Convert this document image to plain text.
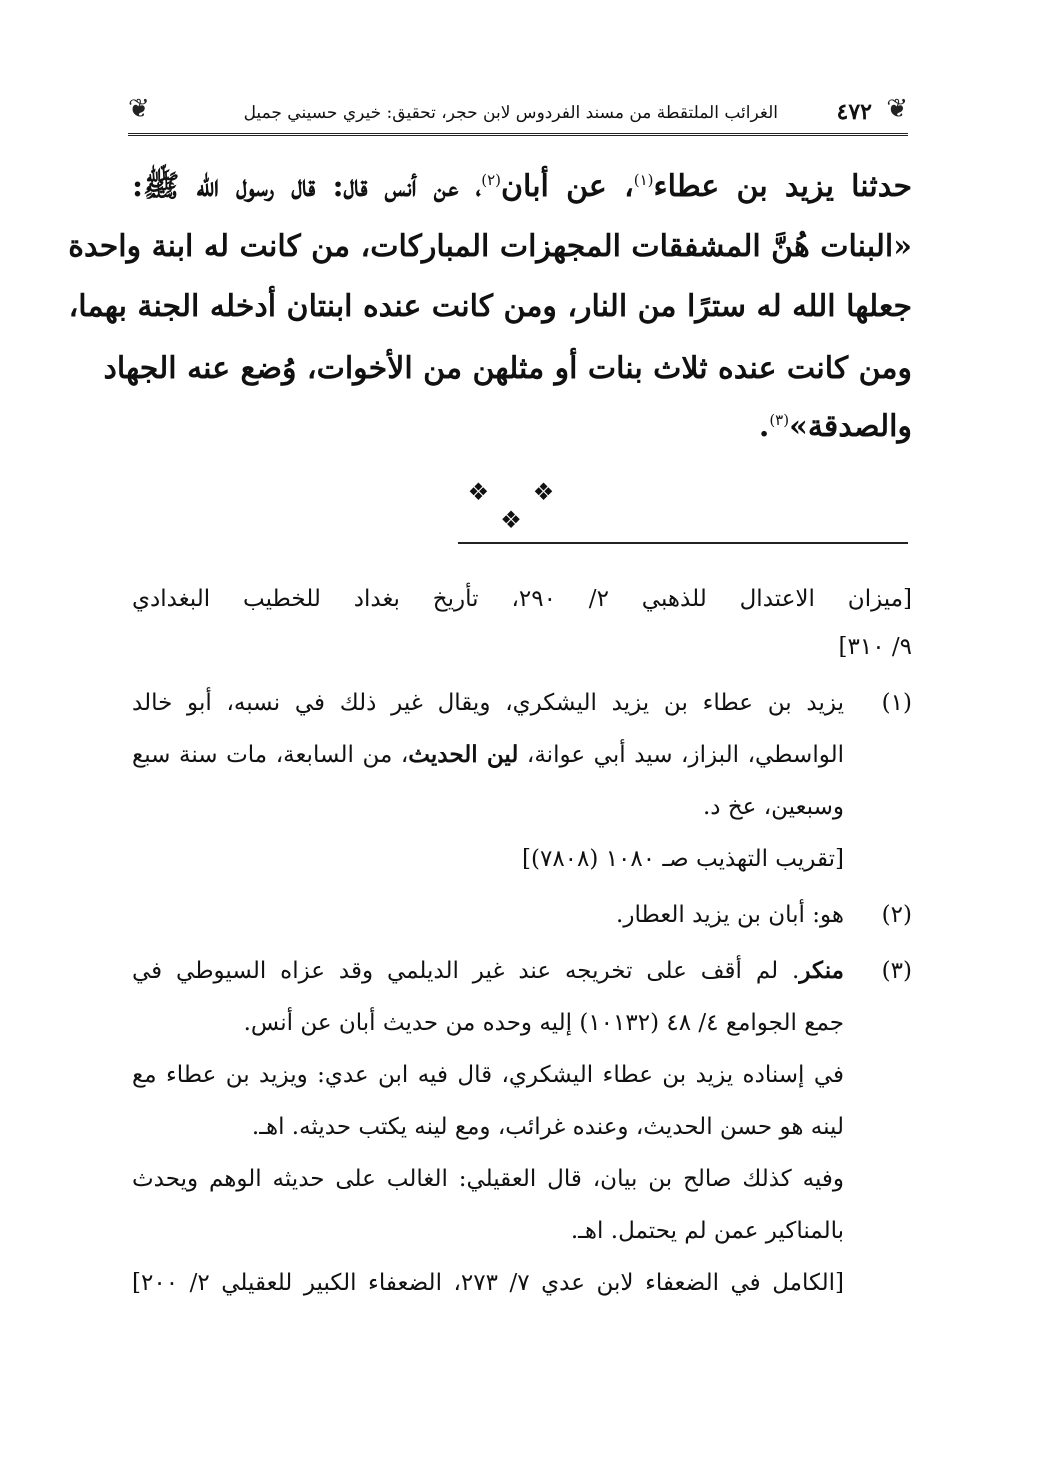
❦
٤٧٢
الغرائب الملتقطة من مسند الفردوس لابن حجر، تحقيق: خيري حسيني جميل
❦
حدثنا يزيد بن عطاء$^{(١)}$، عن أبان$^{(٢)}$، عن أنس قال: قال رسول الله ﷺ:
«البنات هُنَّ المشفقات المجهزات المباركات، من كانت له ابنة واحدة
جعلها الله له سترًا من النار، ومن كانت عنده ابنتان أدخله الجنة بهما،
ومن كانت عنده ثلاث بنات أو مثلهن من الأخوات، وُضع عنه الجهاد
والصدقة»$^{(٣)}$.
❖ ❖ ❖
[ميزان الاعتدال للذهبي ٢/ ٢٩٠، تأريخ بغداد للخطيب البغدادي
٩/ ٣١٠]
(١)
يزيد بن عطاء بن يزيد اليشكري، ويقال غير ذلك في نسبه، أبو خالد
الواسطي، البزاز، سيد أبي عوانة، لين الحديث، من السابعة، مات سنة سبع
وسبعين، عخ د.
[تقريب التهذيب صـ ١٠٨٠ (٧٨٠٨)]
(٢)
هو: أبان بن يزيد العطار.
(٣)
منكر. لم أقف على تخريجه عند غير الديلمي وقد عزاه السيوطي في
جمع الجوامع ٤/ ٤٨ (١٠١٣٢) إليه وحده من حديث أبان عن أنس.
في إسناده يزيد بن عطاء اليشكري، قال فيه ابن عدي: ويزيد بن عطاء مع
لينه هو حسن الحديث، وعنده غرائب، ومع لينه يكتب حديثه. اهـ.
وفيه كذلك صالح بن بيان، قال العقيلي: الغالب على حديثه الوهم ويحدث
بالمناكير عمن لم يحتمل. اهـ.
[الكامل في الضعفاء لابن عدي ٧/ ٢٧٣، الضعفاء الكبير للعقيلي ٢/ ٢٠٠]
